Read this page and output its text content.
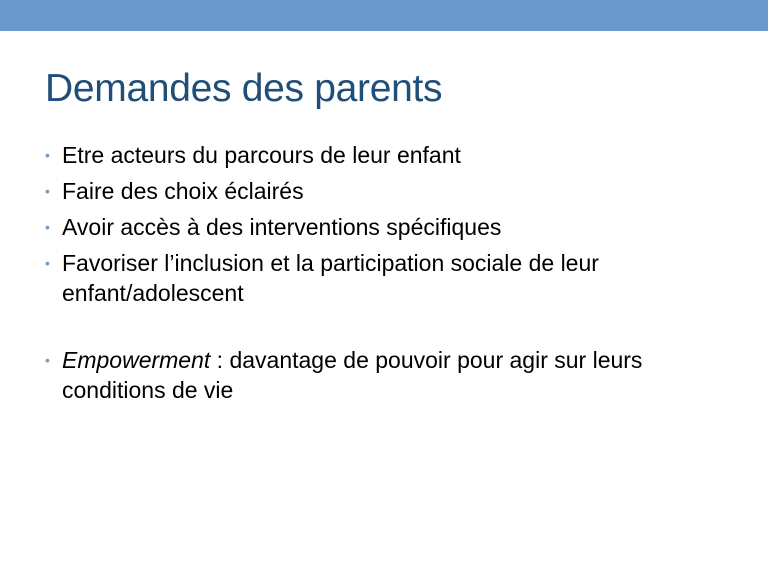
Demandes des parents
• Etre acteurs du parcours de leur enfant
• Faire des choix éclairés
• Avoir accès à des interventions spécifiques
• Favoriser l’inclusion et la participation sociale de leur enfant/adolescent
• Empowerment : davantage de pouvoir pour agir sur leurs conditions de vie
